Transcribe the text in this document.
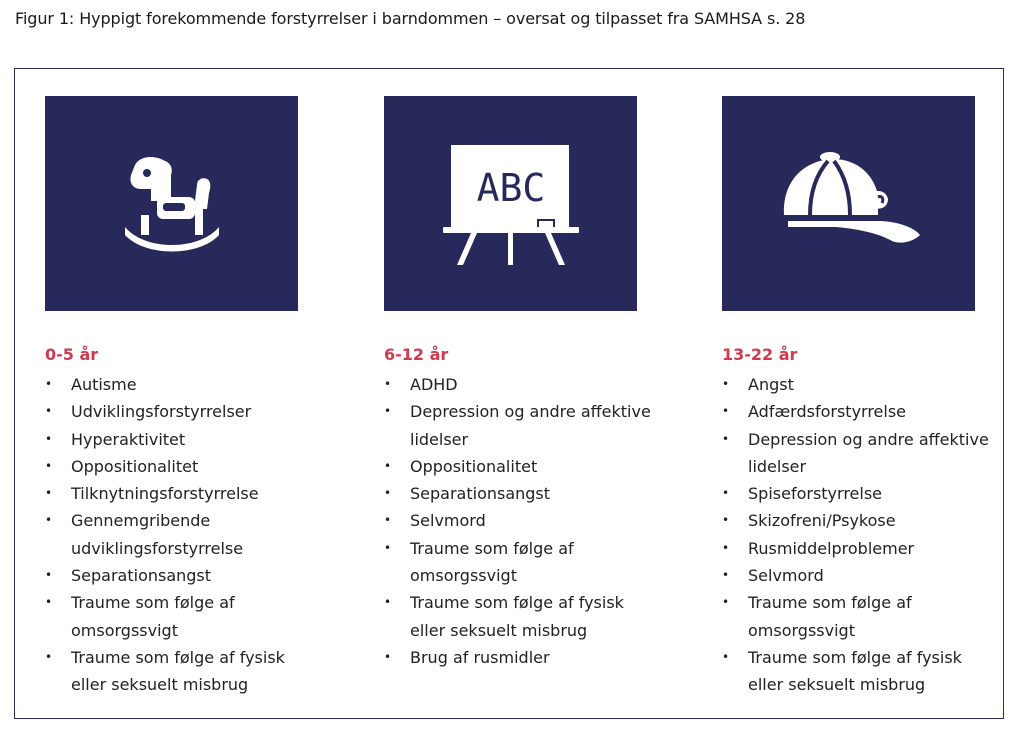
Figur 1: Hyppigt forekommende forstyrrelser i barndommen – oversat og tilpasset fra SAMHSA s. 28
0-5 år
• Autisme
• Udviklingsforstyrrelser
• Hyperaktivitet
• Oppositionalitet
• Tilknytningsforstyrrelse
• Gennemgribende udviklingsforstyrrelse
• Separationsangst
• Traume som følge af omsorgssvigt
• Traume som følge af fysisk eller seksuelt misbrug
ABC
6-12 år
• ADHD
• Depression og andre affektive lidelser
• Oppositionalitet
• Separationsangst
• Selvmord
• Traume som følge af omsorgssvigt
• Traume som følge af fysisk eller seksuelt misbrug
• Brug af rusmidler
13-22 år
• Angst
• Adfærdsforstyrrelse
• Depression og andre affektive lidelser
• Spiseforstyrrelse
• Skizofreni/Psykose
• Rusmiddelproblemer
• Selvmord
• Traume som følge af omsorgssvigt
• Traume som følge af fysisk eller seksuelt misbrug
